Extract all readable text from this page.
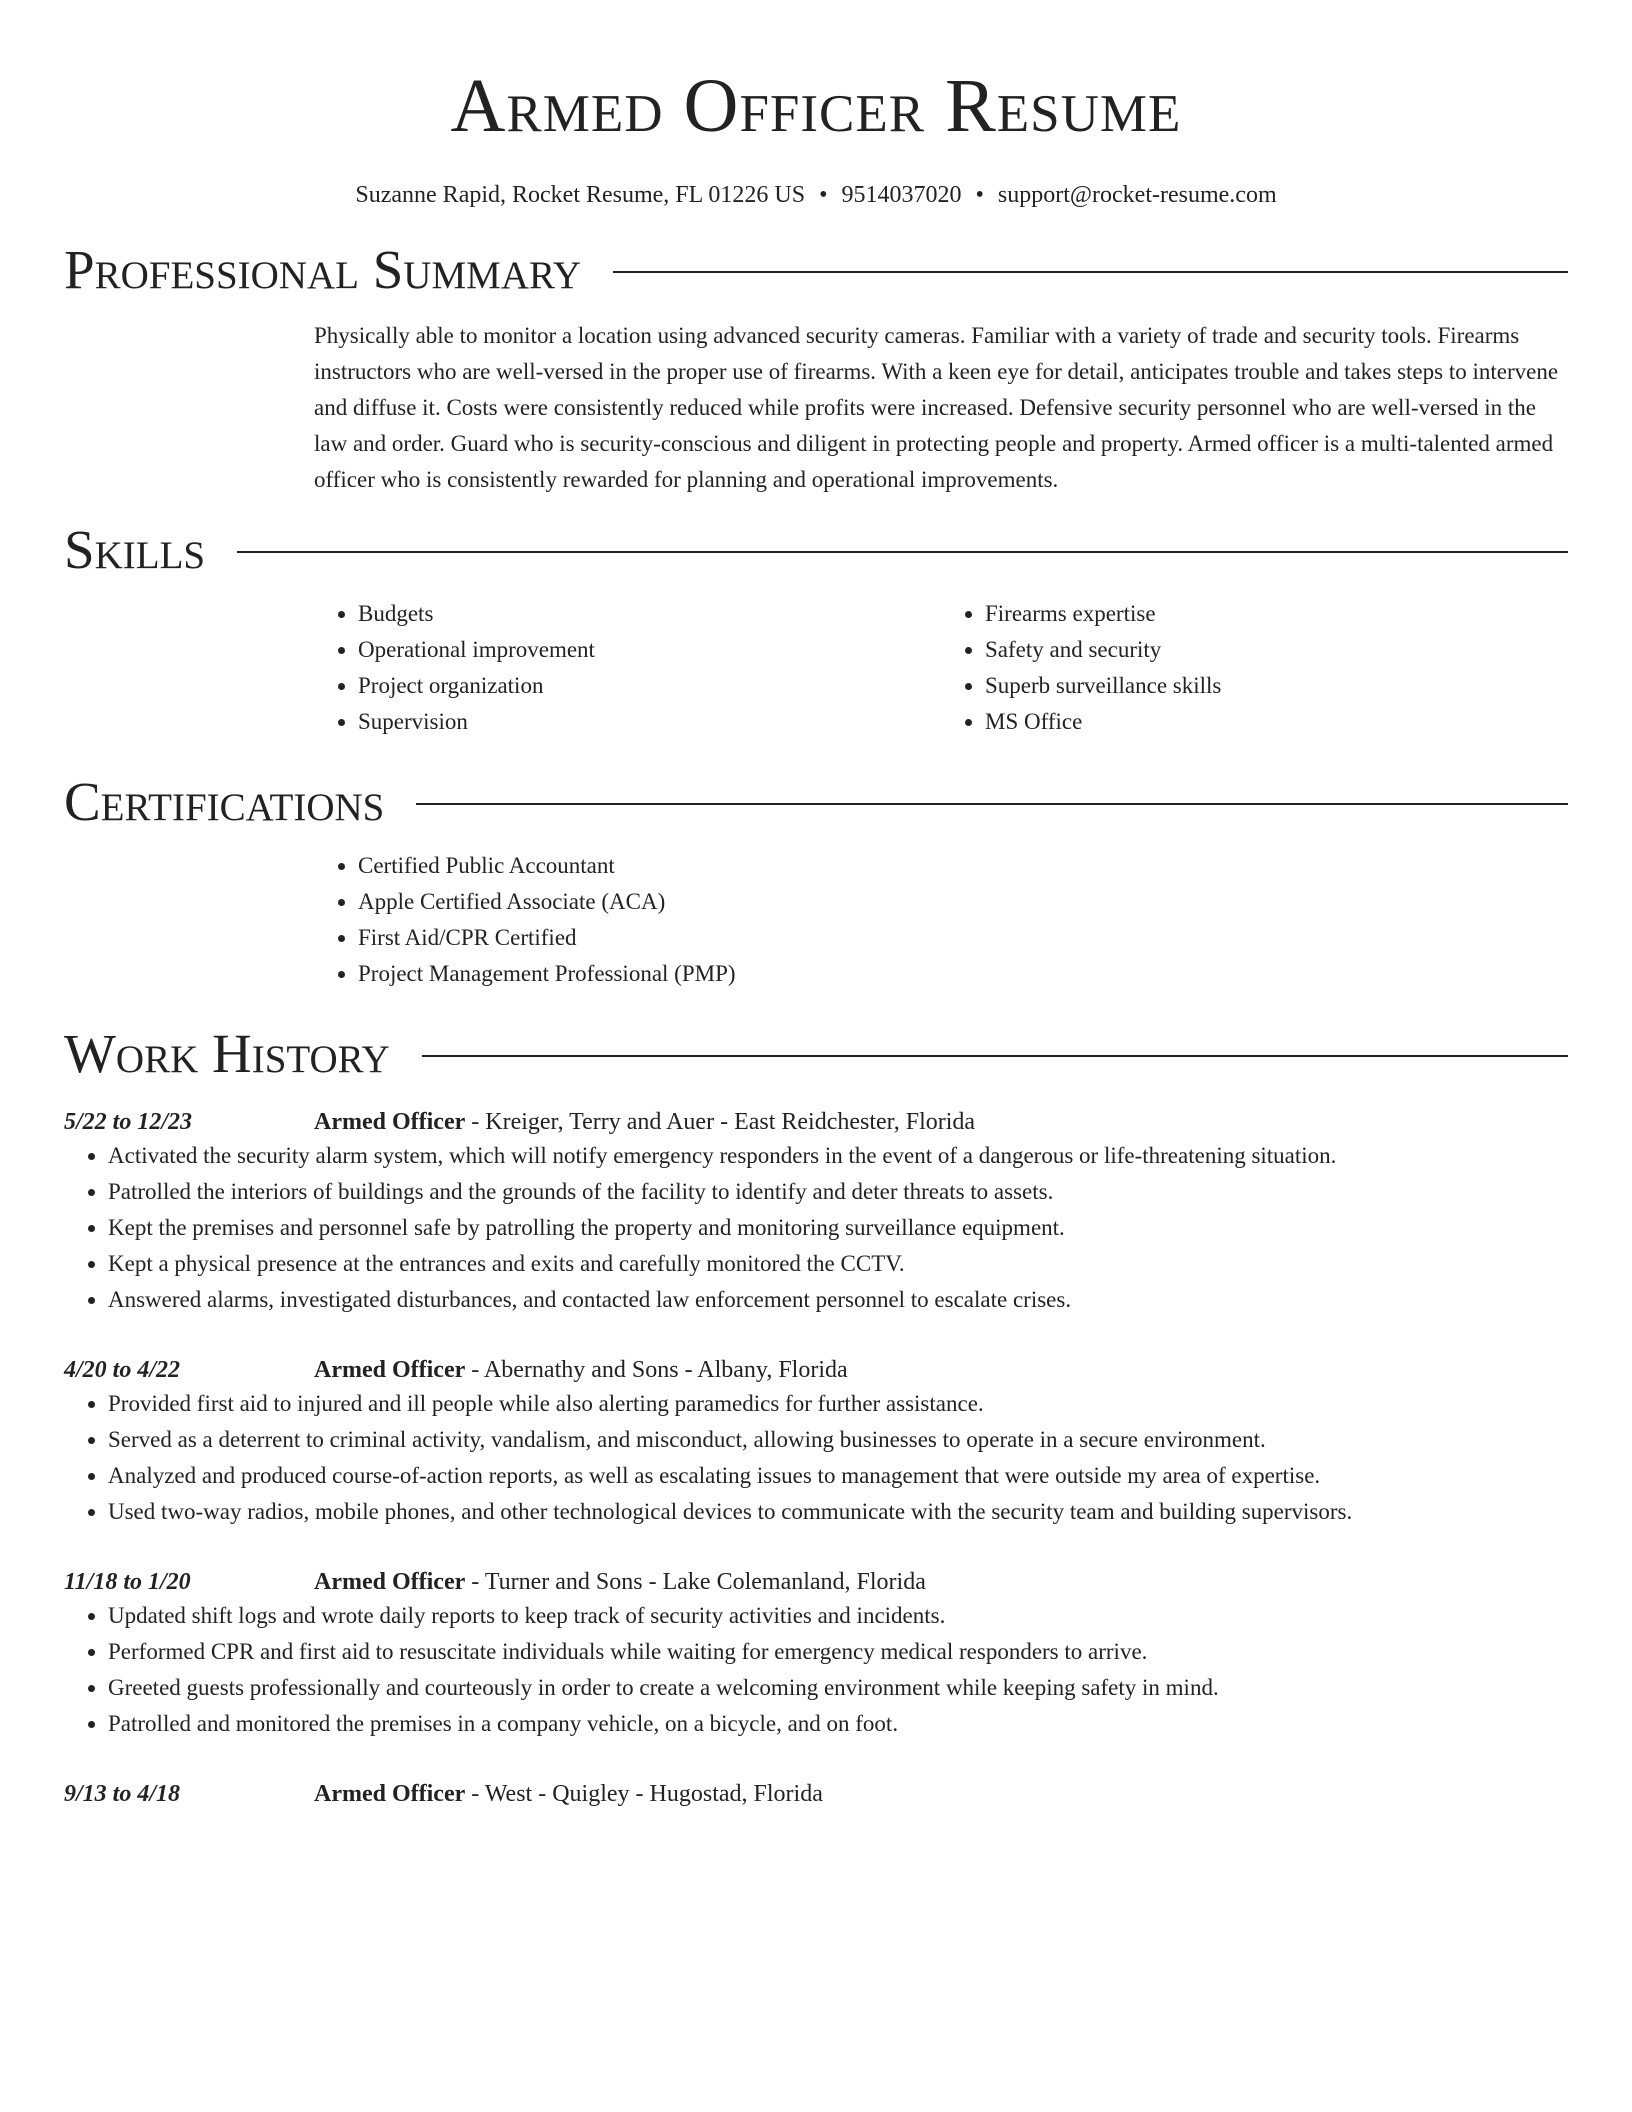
Armed Officer Resume
Suzanne Rapid, Rocket Resume, FL 01226 US • 9514037020 • support@rocket-resume.com
Professional Summary
Physically able to monitor a location using advanced security cameras. Familiar with a variety of trade and security tools. Firearms instructors who are well-versed in the proper use of firearms. With a keen eye for detail, anticipates trouble and takes steps to intervene and diffuse it. Costs were consistently reduced while profits were increased. Defensive security personnel who are well-versed in the law and order. Guard who is security-conscious and diligent in protecting people and property. Armed officer is a multi-talented armed officer who is consistently rewarded for planning and operational improvements.
Skills
• Budgets
• Operational improvement
• Project organization
• Supervision
• Firearms expertise
• Safety and security
• Superb surveillance skills
• MS Office
Certifications
• Certified Public Accountant
• Apple Certified Associate (ACA)
• First Aid/CPR Certified
• Project Management Professional (PMP)
Work History
5/22 to 12/23	Armed Officer - Kreiger, Terry and Auer - East Reidchester, Florida
• Activated the security alarm system, which will notify emergency responders in the event of a dangerous or life-threatening situation.
• Patrolled the interiors of buildings and the grounds of the facility to identify and deter threats to assets.
• Kept the premises and personnel safe by patrolling the property and monitoring surveillance equipment.
• Kept a physical presence at the entrances and exits and carefully monitored the CCTV.
• Answered alarms, investigated disturbances, and contacted law enforcement personnel to escalate crises.
4/20 to 4/22	Armed Officer - Abernathy and Sons - Albany, Florida
• Provided first aid to injured and ill people while also alerting paramedics for further assistance.
• Served as a deterrent to criminal activity, vandalism, and misconduct, allowing businesses to operate in a secure environment.
• Analyzed and produced course-of-action reports, as well as escalating issues to management that were outside my area of expertise.
• Used two-way radios, mobile phones, and other technological devices to communicate with the security team and building supervisors.
11/18 to 1/20	Armed Officer - Turner and Sons - Lake Colemanland, Florida
• Updated shift logs and wrote daily reports to keep track of security activities and incidents.
• Performed CPR and first aid to resuscitate individuals while waiting for emergency medical responders to arrive.
• Greeted guests professionally and courteously in order to create a welcoming environment while keeping safety in mind.
• Patrolled and monitored the premises in a company vehicle, on a bicycle, and on foot.
9/13 to 4/18	Armed Officer - West - Quigley - Hugostad, Florida
